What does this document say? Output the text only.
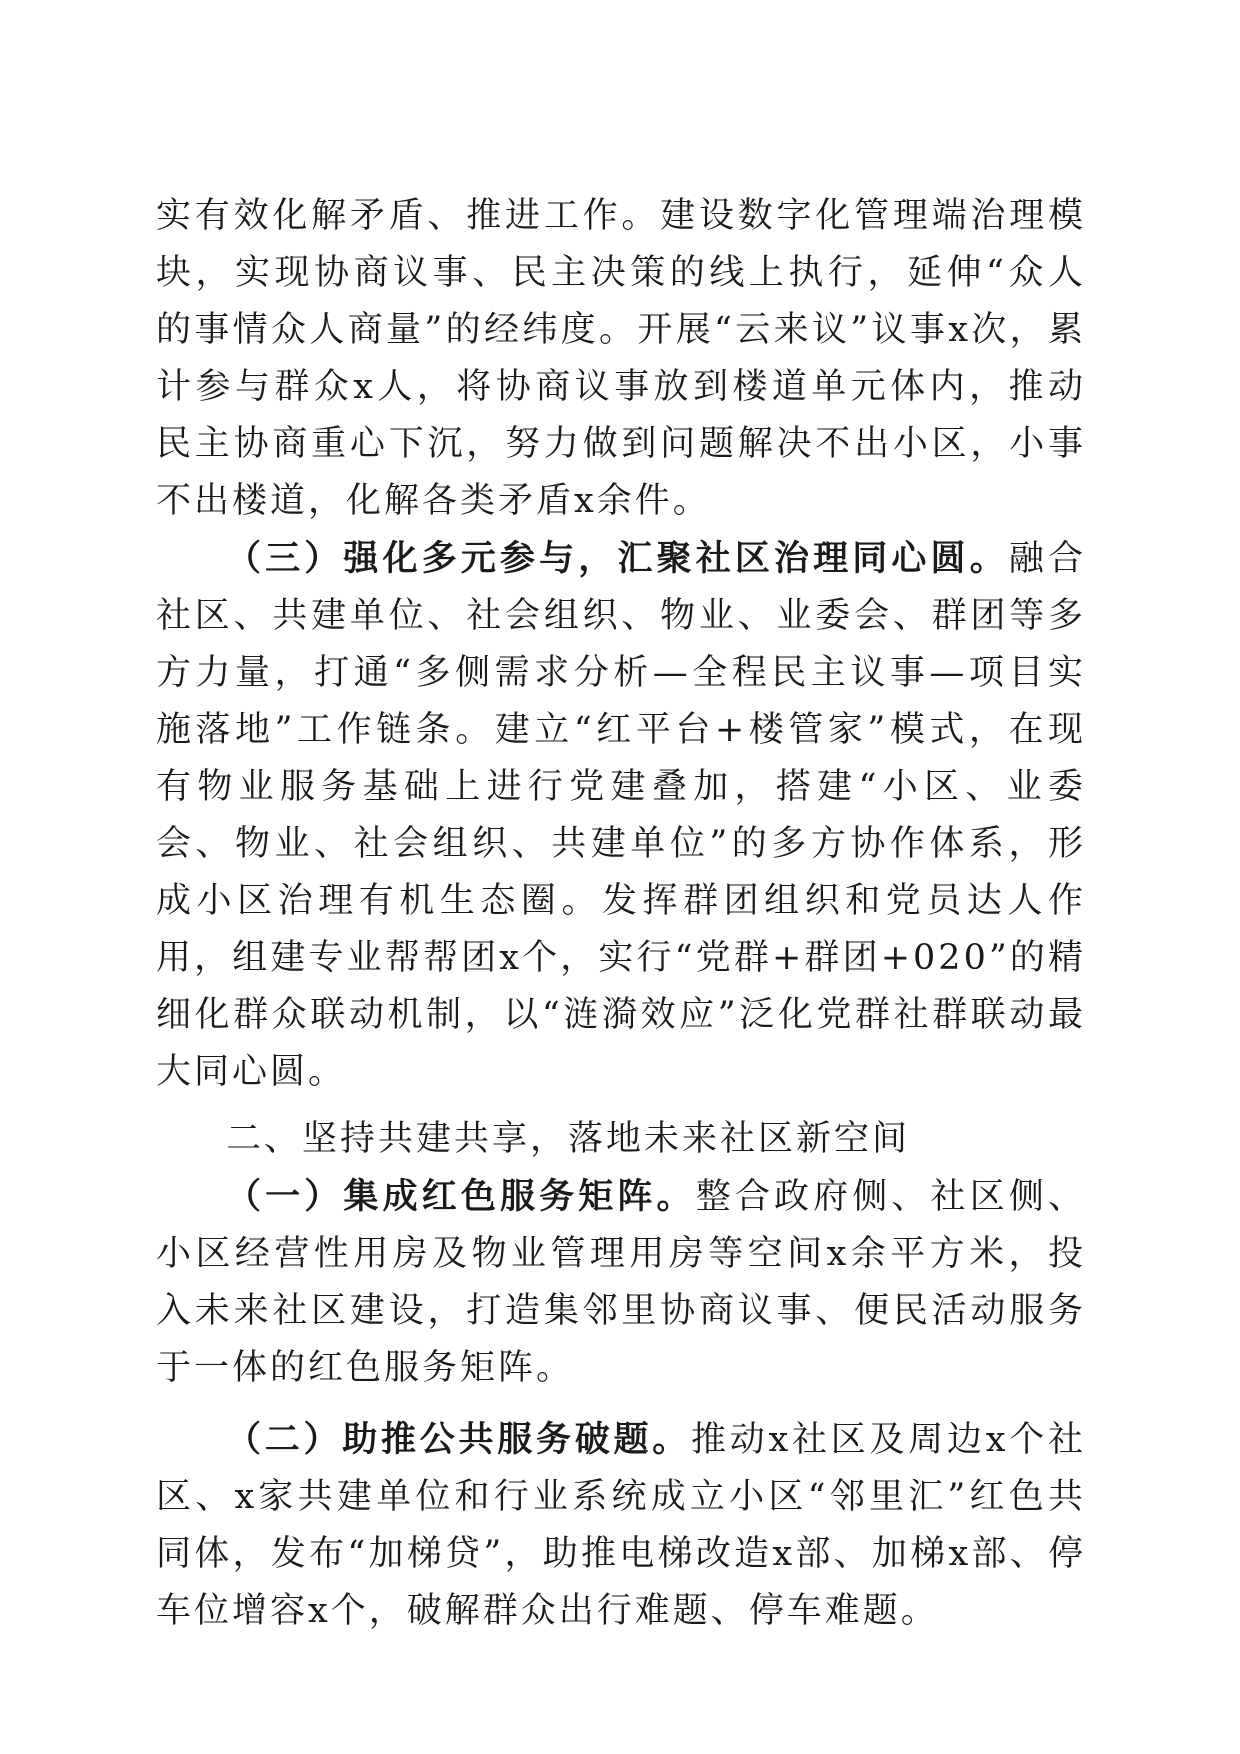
实有效化解矛盾、推进工作。建设数字化管理端治理模块，实现协商议事、民主决策的线上执行，延伸“众人的事情众人商量”的经纬度。开展“云来议”议事x次，累计参与群众x人，将协商议事放到楼道单元体内，推动民主协商重心下沉，努力做到问题解决不出小区，小事不出楼道，化解各类矛盾x余件。

（三）强化多元参与，汇聚社区治理同心圆。融合社区、共建单位、社会组织、物业、业委会、群团等多方力量，打通“多侧需求分析—全程民主议事—项目实施落地”工作链条。建立“红平台+楼管家”模式，在现有物业服务基础上进行党建叠加，搭建“小区、业委会、物业、社会组织、共建单位”的多方协作体系，形成小区治理有机生态圈。发挥群团组织和党员达人作用，组建专业帮帮团x个，实行“党群+群团+020”的精细化群众联动机制，以“涟漪效应”泛化党群社群联动最大同心圆。

二、坚持共建共享，落地未来社区新空间

（一）集成红色服务矩阵。整合政府侧、社区侧、小区经营性用房及物业管理用房等空间x余平方米，投入未来社区建设，打造集邻里协商议事、便民活动服务于一体的红色服务矩阵。

（二）助推公共服务破题。推动x社区及周边x个社区、x家共建单位和行业系统成立小区“邻里汇”红色共同体，发布“加梯贷”，助推电梯改造x部、加梯x部、停车位增容x个，破解群众出行难题、停车难题。
